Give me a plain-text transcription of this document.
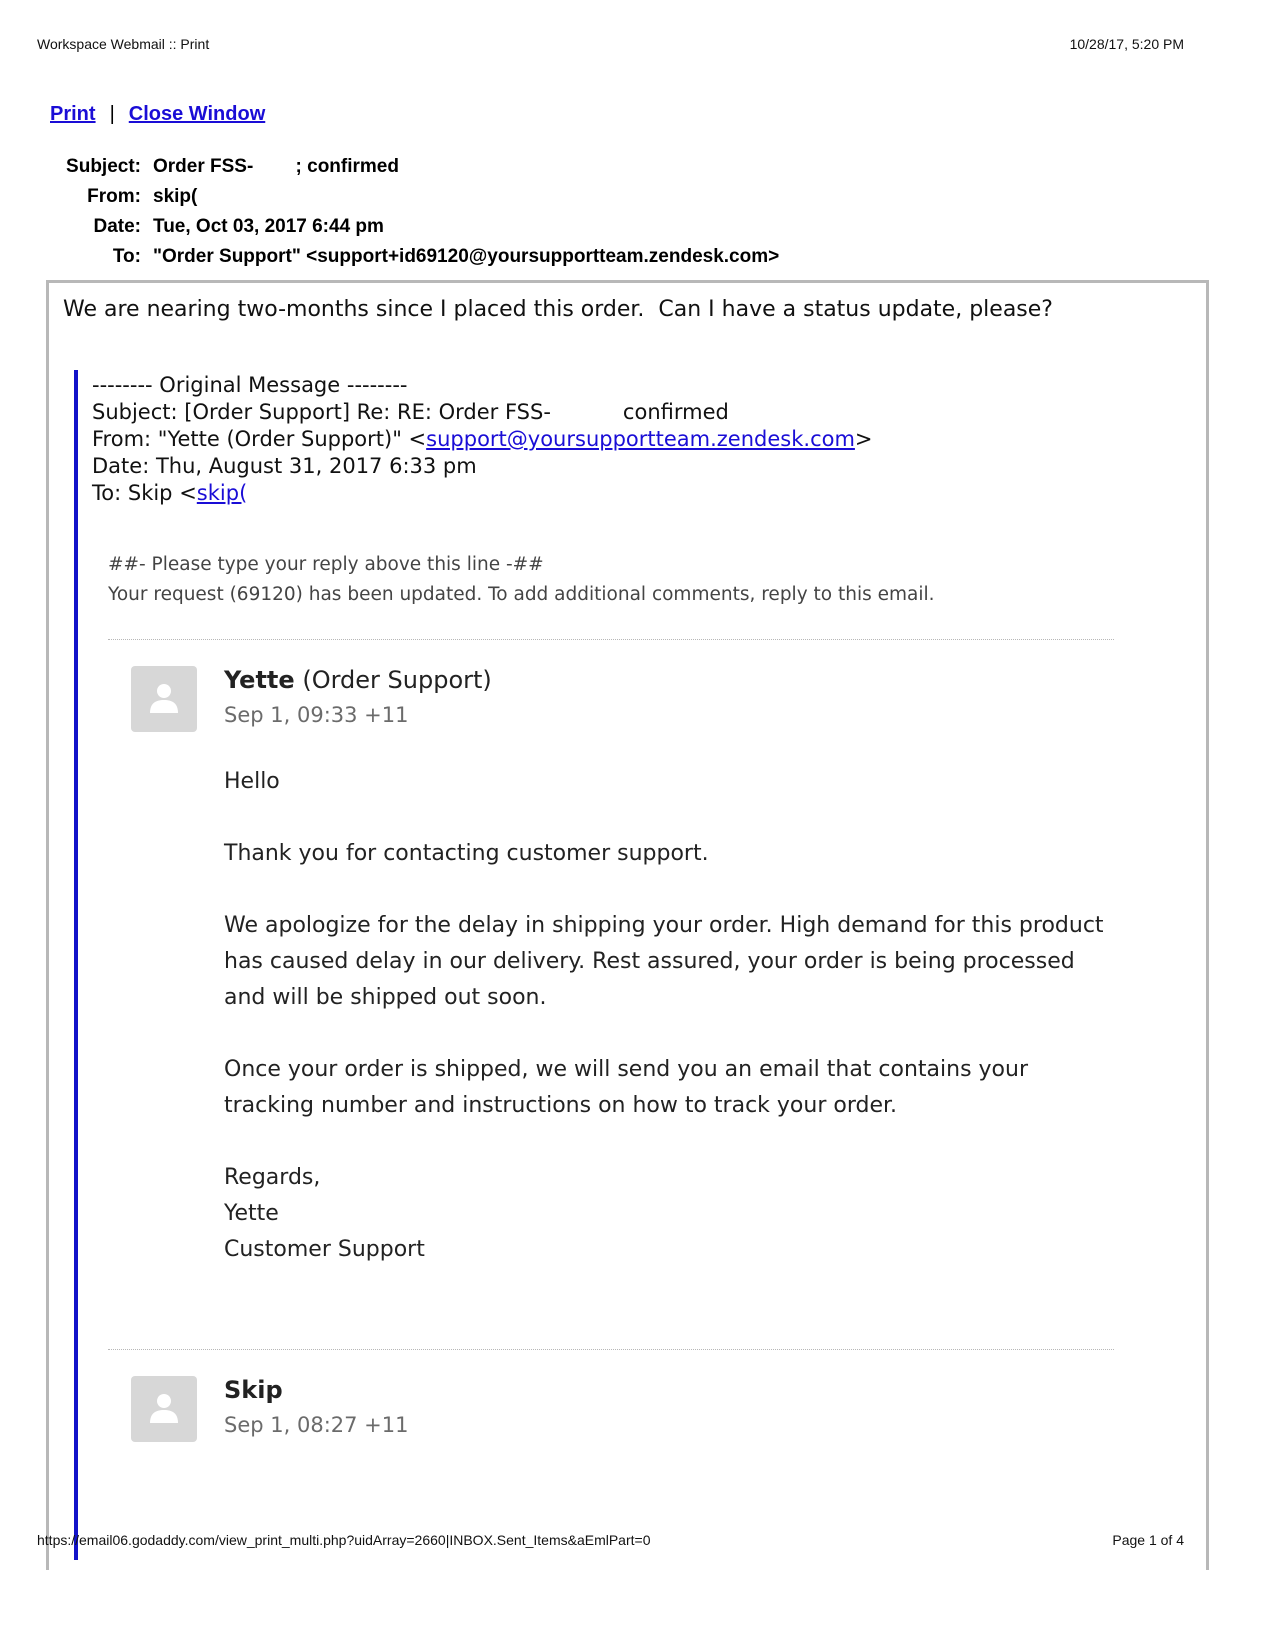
Workspace Webmail :: Print	10/28/17, 5:20 PM
Print | Close Window
Subject: Order FSS-        ; confirmed
From: skip(
Date: Tue, Oct 03, 2017 6:44 pm
To: "Order Support" <support+id69120@yoursupportteam.zendesk.com>
We are nearing two-months since I placed this order.  Can I have a status update, please?
-------- Original Message --------
Subject: [Order Support] Re: RE: Order FSS-	confirmed
From: "Yette (Order Support)" <support@yoursupportteam.zendesk.com>
Date: Thu, August 31, 2017 6:33 pm
To: Skip <skip(
##- Please type your reply above this line -##
Your request (69120) has been updated. To add additional comments, reply to this email.
Yette (Order Support)
Sep 1, 09:33 +11

Hello

Thank you for contacting customer support.

We apologize for the delay in shipping your order. High demand for this product has caused delay in our delivery. Rest assured, your order is being processed and will be shipped out soon.

Once your order is shipped, we will send you an email that contains your tracking number and instructions on how to track your order.

Regards,
Yette
Customer Support
Skip
Sep 1, 08:27 +11
https://email06.godaddy.com/view_print_multi.php?uidArray=2660|INBOX.Sent_Items&aEmlPart=0	Page 1 of 4
